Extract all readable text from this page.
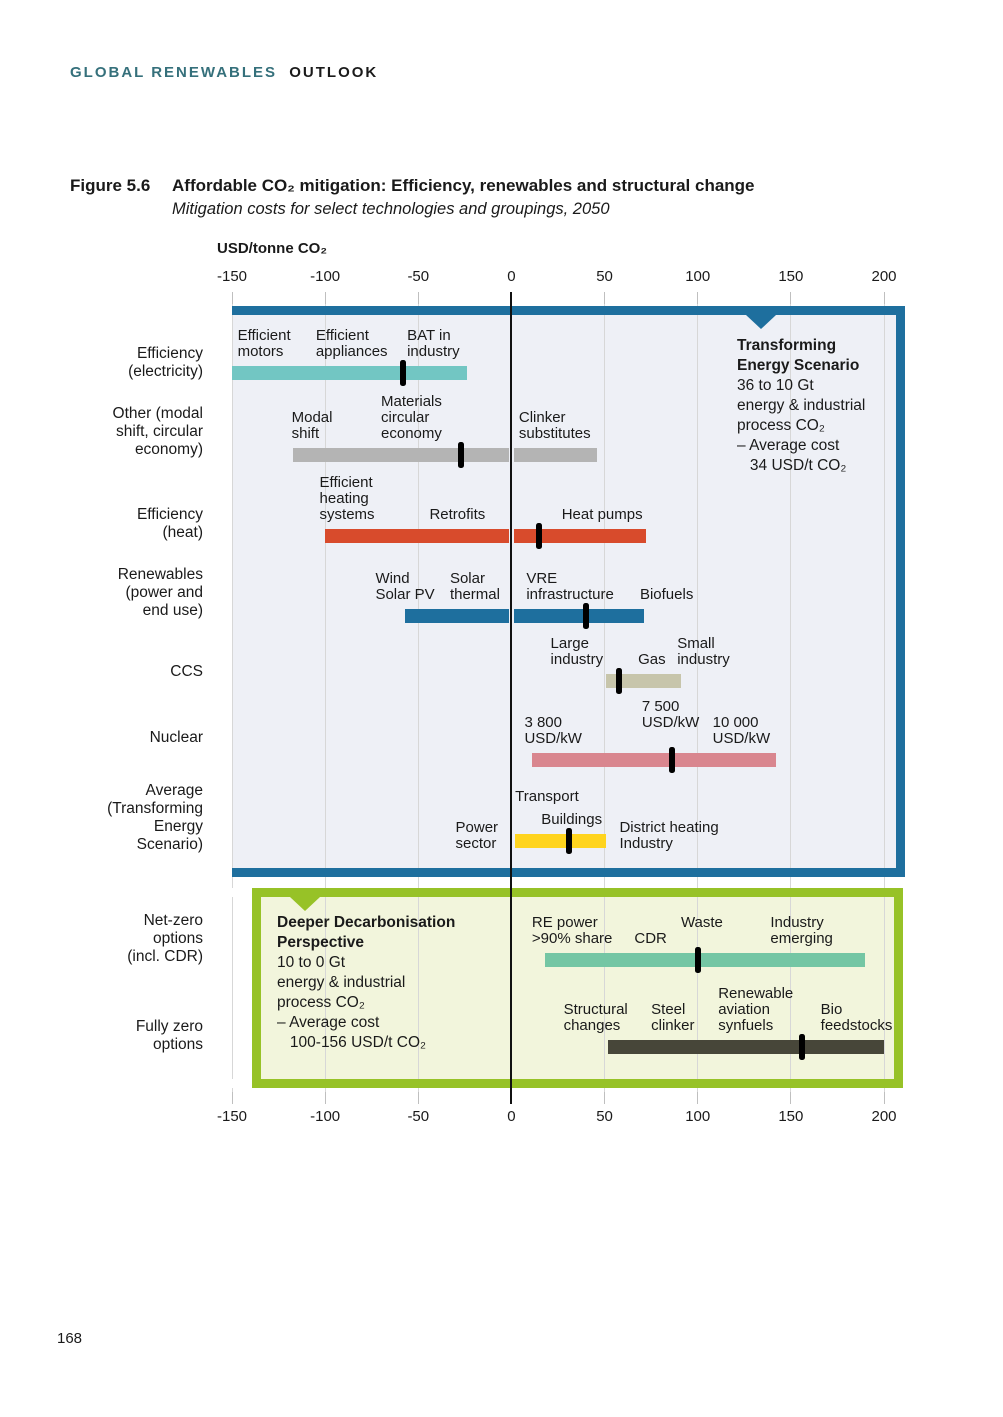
GLOBAL RENEWABLES OUTLOOK
Figure 5.6 Affordable CO₂ mitigation: Efficiency, renewables and structural change
Mitigation costs for select technologies and groupings, 2050
USD/tonne CO₂
-150
-150
-100
-100
-50
-50
0
0
50
50
100
100
150
150
200
200
Efficiency
(electricity)
Efficient
motors
Efficient
appliances
BAT in
industry
Other (modal
shift, circular
economy)
Modal
shift
Materials
circular
economy
Clinker
substitutes
Efficiency
(heat)
Efficient
heating
systems	Retrofits	Heat pumps
Renewables
(power and
end use)
Wind
Solar PV
Solar
thermal
VRE
infrastructure Biofuels
CCS
Large
industry Gas
Small
industry
Nuclear
3 800
USD/kW
7 500
USD/kW 10 000
USD/kW
Average
(Transforming
Energy
Scenario)
Power
sector
Transport
Buildings District heating
Industry
Transforming
Energy Scenario
36 to 10 Gt
energy & industrial
process CO₂
– Average cost
34 USD/t CO₂
Net-zero
options
(incl. CDR)
RE power
>90% share CDR
Waste	Industry
emerging
Fully zero
options
Structural
changes
Steel
clinker
Renewable
aviation
synfuels
Bio
feedstocks
Deeper Decarbonisation
Perspective
10 to 0 Gt
energy & industrial
process CO₂
– Average cost
100-156 USD/t CO₂
168
